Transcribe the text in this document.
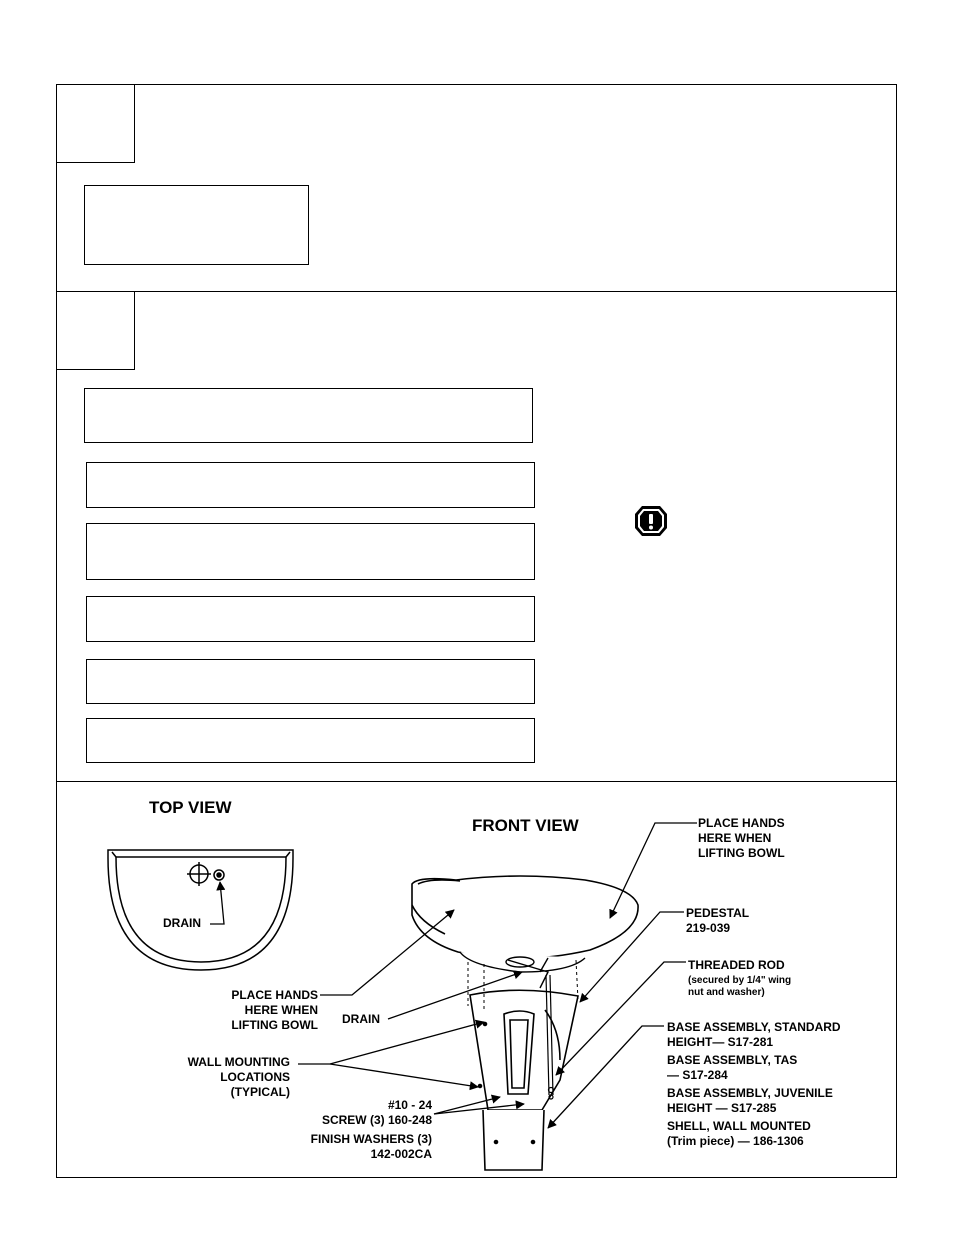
TOP VIEW
FRONT VIEW
DRAIN
PLACE HANDS
HERE WHEN
LIFTING BOWL
PEDESTAL
219-039
THREADED ROD
(secured by 1/4" wing
nut and washer)
BASE ASSEMBLY, STANDARD
HEIGHT— S17-281
BASE ASSEMBLY, TAS
— S17-284
BASE ASSEMBLY, JUVENILE
HEIGHT — S17-285
SHELL, WALL MOUNTED
(Trim piece) — 186-1306
PLACE HANDS
HERE WHEN
LIFTING BOWL DRAIN
WALL MOUNTING
LOCATIONS
(TYPICAL)
#10 - 24
SCREW (3) 160-248
FINISH WASHERS (3)
142-002CA
